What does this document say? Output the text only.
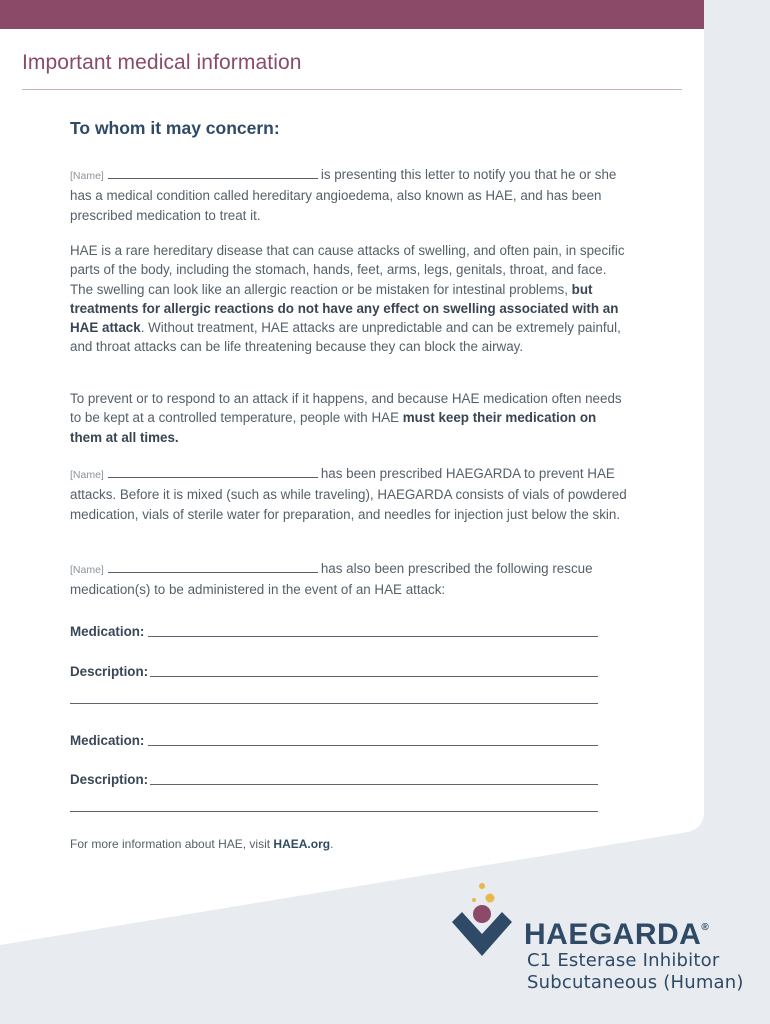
Important medical information
To whom it may concern:
[Name]	is presenting this letter to notify you that he or she has a medical condition called hereditary angioedema, also known as HAE, and has been prescribed medication to treat it.
HAE is a rare hereditary disease that can cause attacks of swelling, and often pain, in specific parts of the body, including the stomach, hands, feet, arms, legs, genitals, throat, and face. The swelling can look like an allergic reaction or be mistaken for intestinal problems, but treatments for allergic reactions do not have any effect on swelling associated with an HAE attack. Without treatment, HAE attacks are unpredictable and can be extremely painful, and throat attacks can be life threatening because they can block the airway.
To prevent or to respond to an attack if it happens, and because HAE medication often needs to be kept at a controlled temperature, people with HAE must keep their medication on them at all times.
[Name]	has been prescribed HAEGARDA to prevent HAE attacks. Before it is mixed (such as while traveling), HAEGARDA consists of vials of powdered medication, vials of sterile water for preparation, and needles for injection just below the skin.
[Name]	has also been prescribed the following rescue medication(s) to be administered in the event of an HAE attack:
Medication:
Description:
Medication:
Description:
For more information about HAE, visit HAEA.org.
HAEGARDA®
C1 Esterase Inhibitor
Subcutaneous (Human)
